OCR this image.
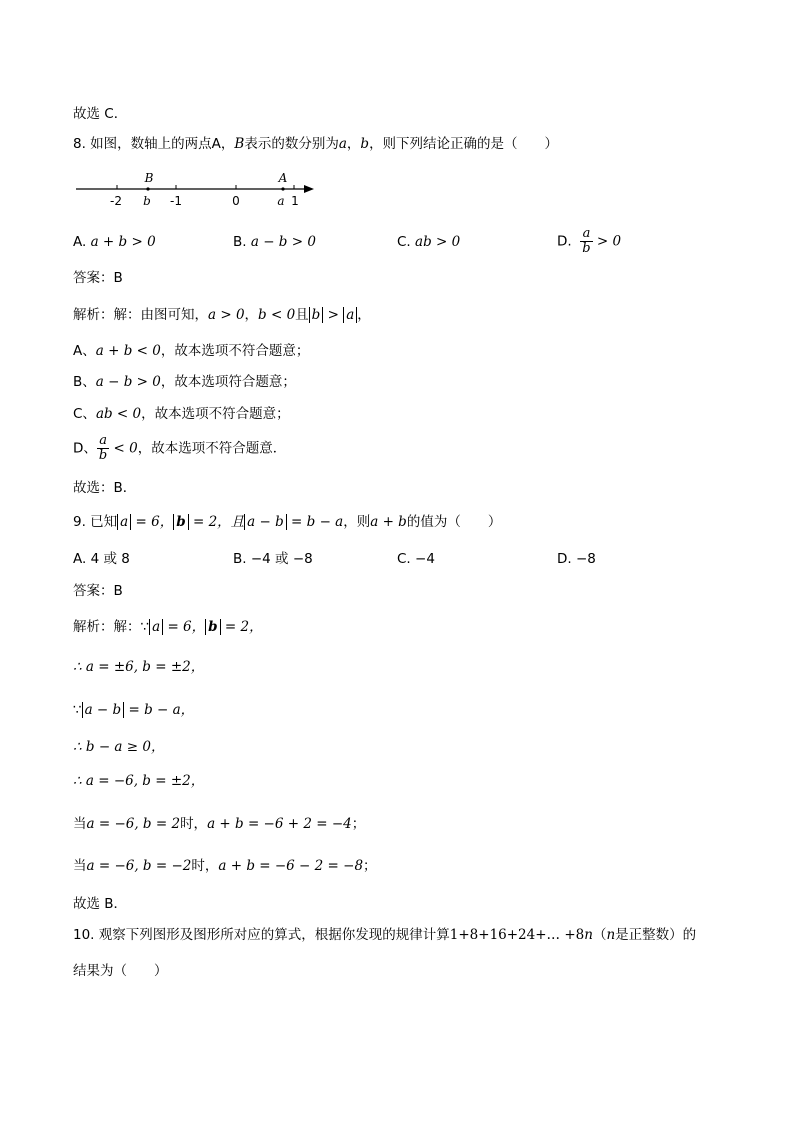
故选 C．
8. 如图，数轴上的两点A，B表示的数分别为a，b，则下列结论正确的是（　　）
-2	-1	0	1
B	A
b	a
A. a + b > 0	B. a − b > 0	C. ab > 0	D. $\frac{a}{b} > 0$
答案：B
解析：解：由图可知，a > 0，b < 0且 b > a ，
A、a + b < 0，故本选项不符合题意；
B、a − b > 0，故本选项符合题意；
C、ab < 0，故本选项不符合题意；
D、 $\frac{a}{b} < 0$，故本选项不符合题意．
故选：B．
9. 已知 a = 6， b = 2，且 a − b = b − a，则a + b的值为（　　）
A. 4 或 8	B. −4 或 −8	C. −4	D. −8
答案：B
解析：解：∵ a = 6， b = 2，
∴ a = ±6, b = ±2，
∵ a − b = b − a，
∴ b − a ≥ 0，
∴ a = −6, b = ±2，
当a = −6, b = 2时，a + b = −6 + 2 = −4；
当a = −6, b = −2时，a + b = −6 − 2 = −8；
故选 B．
10. 观察下列图形及图形所对应的算式，根据你发现的规律计算1+8+16+24+… +8n（n是正整数）的
结果为（　　）
